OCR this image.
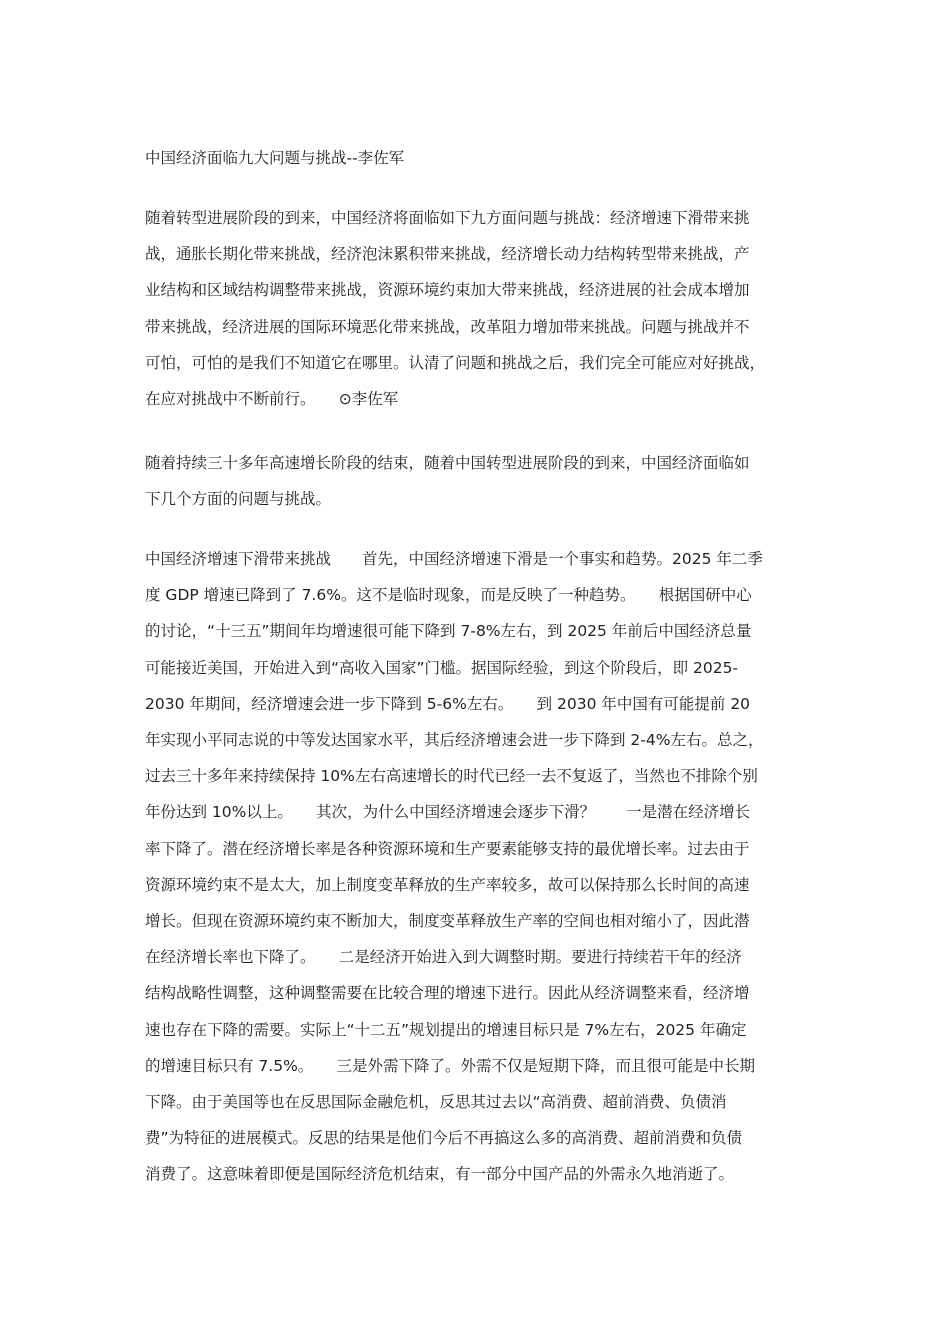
中国经济面临九大问题与挑战--李佐军
随着转型进展阶段的到来，中国经济将面临如下九方面问题与挑战：经济增速下滑带来挑
战，通胀长期化带来挑战，经济泡沫累积带来挑战，经济增长动力结构转型带来挑战，产
业结构和区域结构调整带来挑战，资源环境约束加大带来挑战，经济进展的社会成本增加
带来挑战，经济进展的国际环境恶化带来挑战，改革阻力增加带来挑战。问题与挑战并不
可怕，可怕的是我们不知道它在哪里。认清了问题和挑战之后，我们完全可能应对好挑战，
在应对挑战中不断前行。　　⊙李佐军
随着持续三十多年高速增长阶段的结束，随着中国转型进展阶段的到来，中国经济面临如
下几个方面的问题与挑战。
中国经济增速下滑带来挑战　　首先，中国经济增速下滑是一个事实和趋势。2025 年二季
度 GDP 增速已降到了 7.6%。这不是临时现象，而是反映了一种趋势。　　根据国研中心
的讨论，“十三五”期间年均增速很可能下降到 7-8%左右，到 2025 年前后中国经济总量
可能接近美国，开始进入到“高收入国家”门槛。据国际经验，到这个阶段后，即 2025-
2030 年期间，经济增速会进一步下降到 5-6%左右。　　到 2030 年中国有可能提前 20
年实现小平同志说的中等发达国家水平，其后经济增速会进一步下降到 2-4%左右。总之，
过去三十多年来持续保持 10%左右高速增长的时代已经一去不复返了，当然也不排除个别
年份达到 10%以上。　　其次，为什么中国经济增速会逐步下滑？　　一是潜在经济增长
率下降了。潜在经济增长率是各种资源环境和生产要素能够支持的最优增长率。过去由于
资源环境约束不是太大，加上制度变革释放的生产率较多，故可以保持那么长时间的高速
增长。但现在资源环境约束不断加大，制度变革释放生产率的空间也相对缩小了，因此潜
在经济增长率也下降了。　　二是经济开始进入到大调整时期。要进行持续若干年的经济
结构战略性调整，这种调整需要在比较合理的增速下进行。因此从经济调整来看，经济增
速也存在下降的需要。实际上“十二五”规划提出的增速目标只是 7%左右，2025 年确定
的增速目标只有 7.5%。　　三是外需下降了。外需不仅是短期下降，而且很可能是中长期
下降。由于美国等也在反思国际金融危机，反思其过去以“高消费、超前消费、负债消
费”为特征的进展模式。反思的结果是他们今后不再搞这么多的高消费、超前消费和负债
消费了。这意味着即便是国际经济危机结束，有一部分中国产品的外需永久地消逝了。
